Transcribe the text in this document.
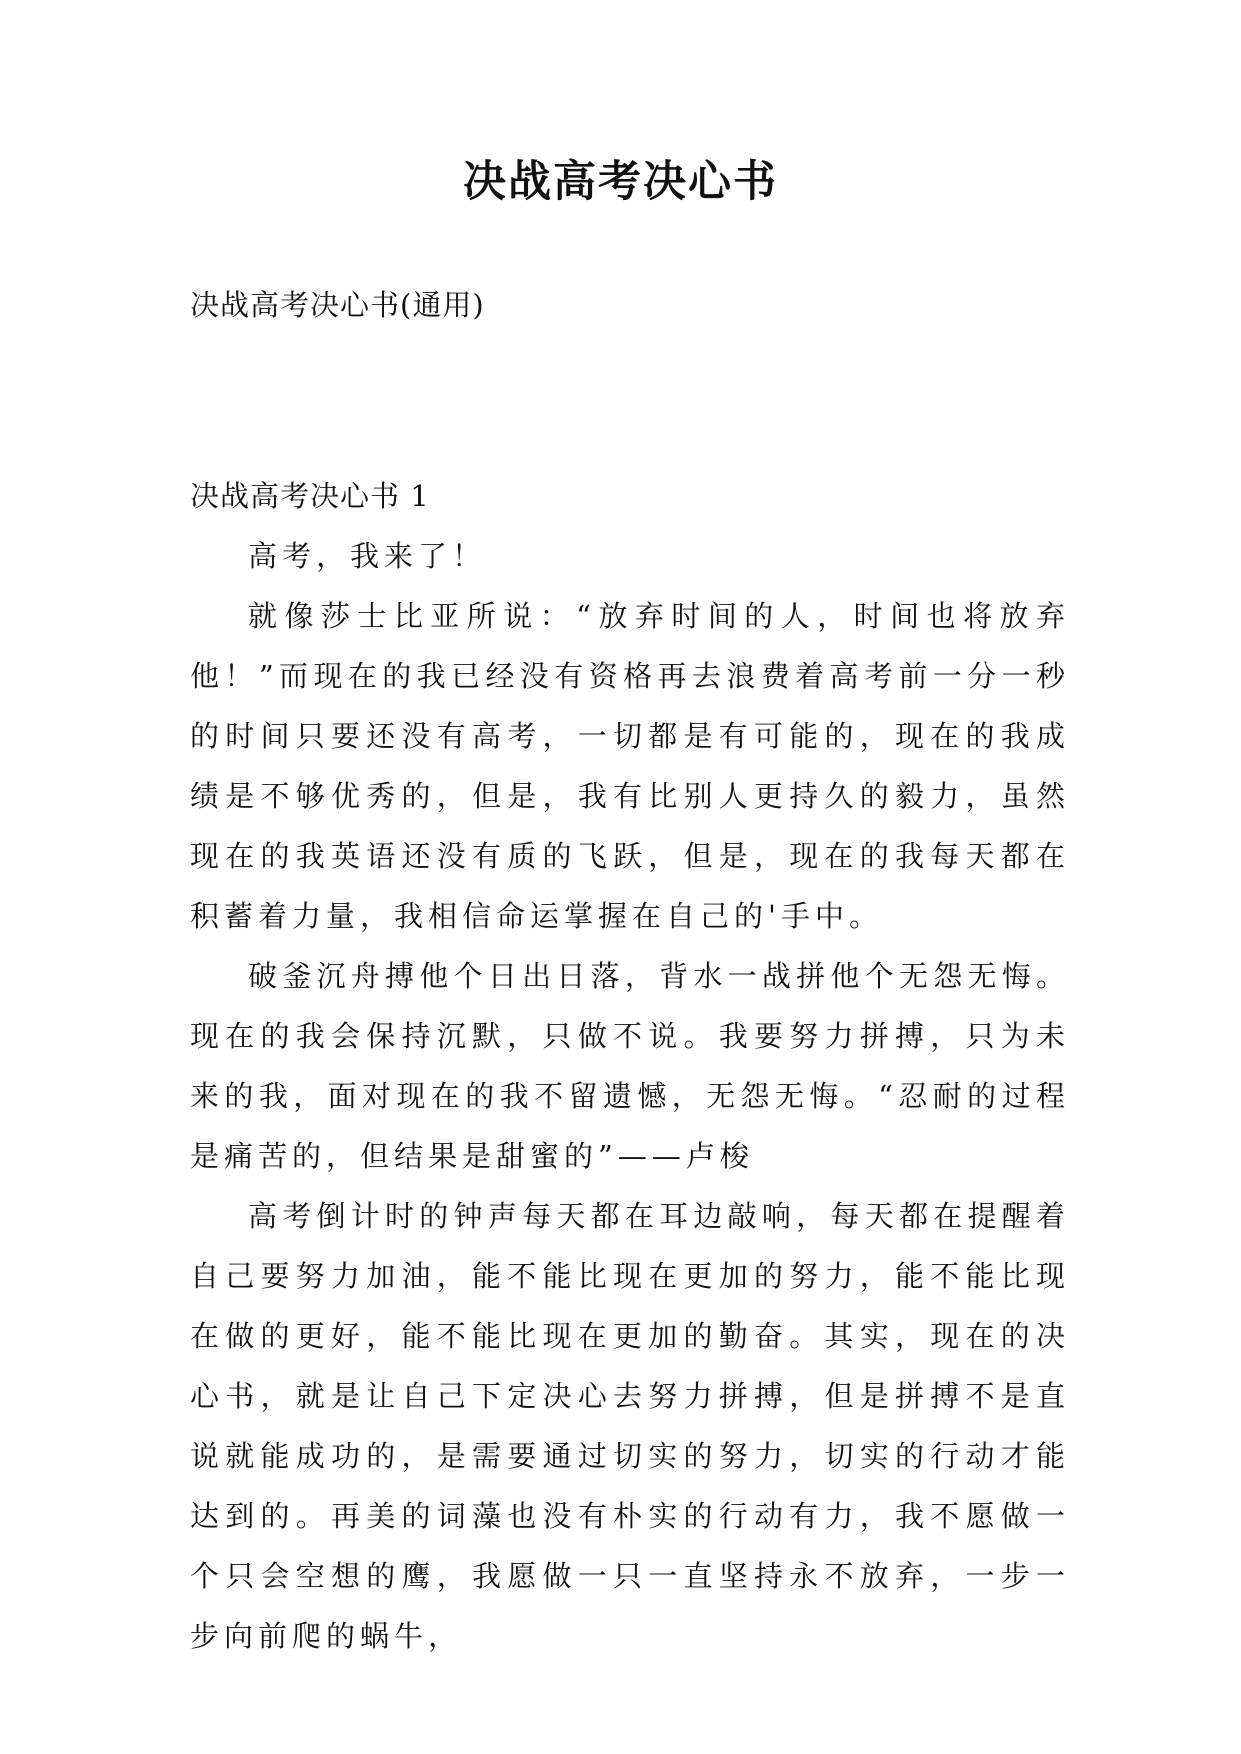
决战高考决心书
决战高考决心书(通用)

决战高考决心书 1

高考，我来了！

就像莎士比亚所说：“放弃时间的人，时间也将放弃他！”而现在的我已经没有资格再去浪费着高考前一分一秒的时间只要还没有高考，一切都是有可能的，现在的我成绩是不够优秀的，但是，我有比别人更持久的毅力，虽然现在的我英语还没有质的飞跃，但是，现在的我每天都在积蓄着力量，我相信命运掌握在自己的'手中。

破釜沉舟搏他个日出日落，背水一战拼他个无怨无悔。现在的我会保持沉默，只做不说。我要努力拼搏，只为未来的我，面对现在的我不留遗憾，无怨无悔。“忍耐的过程是痛苦的，但结果是甜蜜的”——卢梭

高考倒计时的钟声每天都在耳边敲响，每天都在提醒着自己要努力加油，能不能比现在更加的努力，能不能比现在做的更好，能不能比现在更加的勤奋。其实，现在的决心书，就是让自己下定决心去努力拼搏，但是拼搏不是直说就能成功的，是需要通过切实的努力，切实的行动才能达到的。再美的词藻也没有朴实的行动有力，我不愿做一个只会空想的鹰，我愿做一只一直坚持永不放弃，一步一步向前爬的蜗牛，
